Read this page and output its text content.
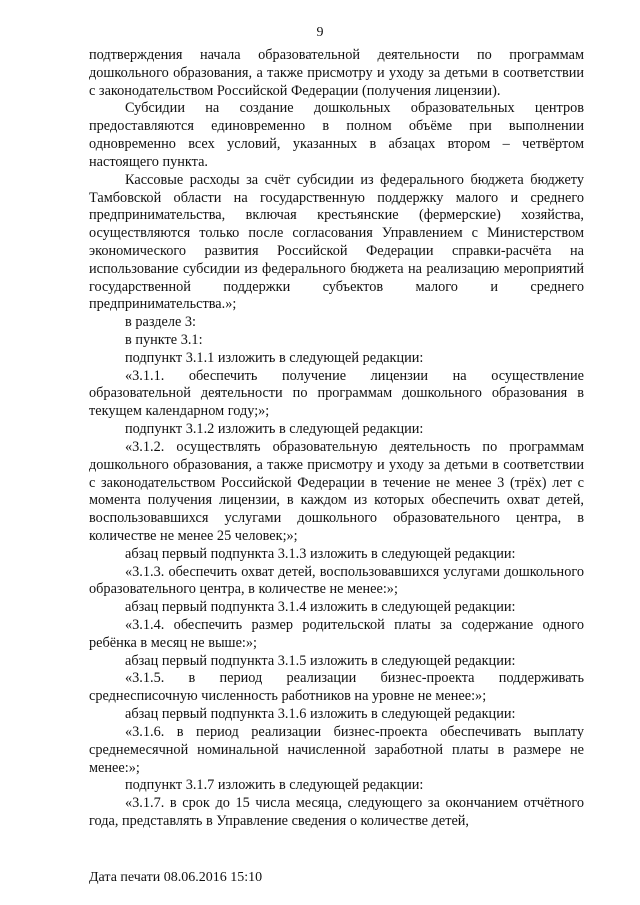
9

подтверждения начала образовательной деятельности по программам дошкольного образования, а также присмотру и уходу за детьми в соответствии с законодательством Российской Федерации (получения лицензии).

Субсидии на создание дошкольных образовательных центров предоставляются единовременно в полном объёме при выполнении одновременно всех условий, указанных в абзацах втором – четвёртом настоящего пункта.

Кассовые расходы за счёт субсидии из федерального бюджета бюджету Тамбовской области на государственную поддержку малого и среднего предпринимательства, включая крестьянские (фермерские) хозяйства, осуществляются только после согласования Управлением с Министерством экономического развития Российской Федерации справки-расчёта на использование субсидии из федерального бюджета на реализацию мероприятий государственной поддержки субъектов малого и среднего предпринимательства.»;

в разделе 3:

в пункте 3.1:

подпункт 3.1.1 изложить в следующей редакции:

«3.1.1. обеспечить получение лицензии на осуществление образовательной деятельности по программам дошкольного образования в текущем календарном году;»;

подпункт 3.1.2 изложить в следующей редакции:

«3.1.2. осуществлять образовательную деятельность по программам дошкольного образования, а также присмотру и уходу за детьми в соответствии с законодательством Российской Федерации в течение не менее 3 (трёх) лет с момента получения лицензии, в каждом из которых обеспечить охват детей, воспользовавшихся услугами дошкольного образовательного центра, в количестве не менее 25 человек;»;

абзац первый подпункта 3.1.3 изложить в следующей редакции:

«3.1.3. обеспечить охват детей, воспользовавшихся услугами дошкольного образовательного центра, в количестве не менее:»;

абзац первый подпункта 3.1.4 изложить в следующей редакции:

«3.1.4. обеспечить размер родительской платы за содержание одного ребёнка в месяц не выше:»;

абзац первый подпункта 3.1.5 изложить в следующей редакции:

«3.1.5. в период реализации бизнес-проекта поддерживать среднесписочную численность работников на уровне не менее:»;

абзац первый подпункта 3.1.6 изложить в следующей редакции:

«3.1.6. в период реализации бизнес-проекта обеспечивать выплату среднемесячной номинальной начисленной заработной платы в размере не менее:»;

подпункт 3.1.7 изложить в следующей редакции:

«3.1.7. в срок до 15 числа месяца, следующего за окончанием отчётного года, представлять в Управление сведения о количестве детей,

Дата печати 08.06.2016 15:10
